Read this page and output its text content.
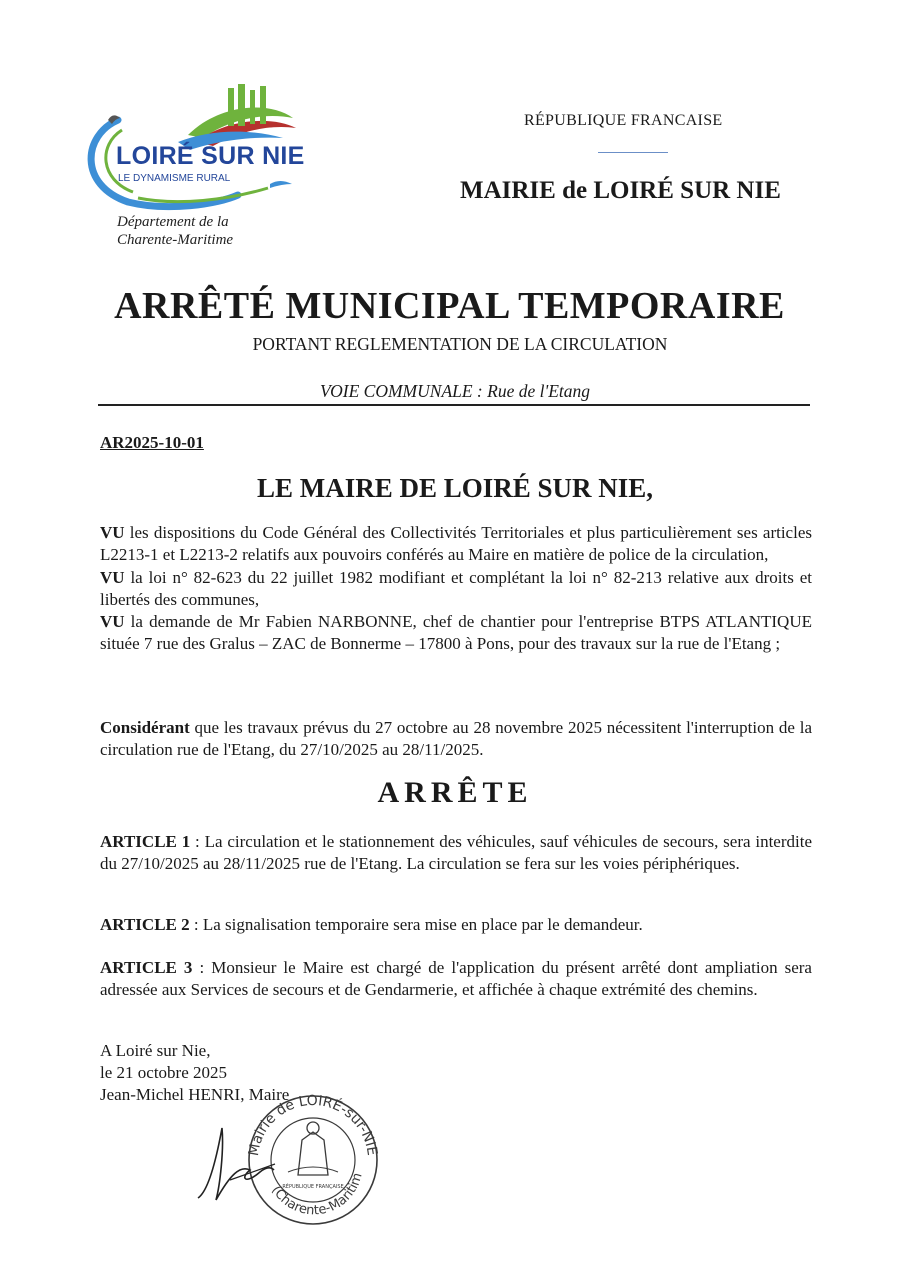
LOIRÉ SUR NIE
LE DYNAMISME RURAL
Département de la
Charente-Maritime
RÉPUBLIQUE FRANCAISE
MAIRIE de LOIRÉ SUR NIE
ARRÊTÉ MUNICIPAL TEMPORAIRE
PORTANT REGLEMENTATION DE LA CIRCULATION
VOIE COMMUNALE : Rue de l'Etang
AR2025-10-01
LE MAIRE DE LOIRÉ SUR NIE,

VU les dispositions du Code Général des Collectivités Territoriales et plus particulièrement ses articles L2213-1 et L2213-2 relatifs aux pouvoirs conférés au Maire en matière de police de la circulation,

VU la loi n° 82-623 du 22 juillet 1982 modifiant et complétant la loi n° 82-213 relative aux droits et libertés des communes,

VU la demande de Mr Fabien NARBONNE, chef de chantier pour l'entreprise BTPS ATLANTIQUE située 7 rue des Gralus – ZAC de Bonnerme – 17800 à Pons, pour des travaux sur la rue de l'Etang ;

Considérant que les travaux prévus du 27 octobre au 28 novembre 2025 nécessitent l'interruption de la circulation rue de l'Etang, du 27/10/2025 au 28/11/2025.

ARRÊTE

ARTICLE 1 : La circulation et le stationnement des véhicules, sauf véhicules de secours, sera interdite du 27/10/2025 au 28/11/2025 rue de l'Etang. La circulation se fera sur les voies périphériques.

ARTICLE 2 : La signalisation temporaire sera mise en place par le demandeur.

ARTICLE 3 : Monsieur le Maire est chargé de l'application du présent arrêté dont ampliation sera adressée aux Services de secours et de Gendarmerie, et affichée à chaque extrémité des chemins.

A Loiré sur Nie,
le 21 octobre 2025
Jean-Michel HENRI, Maire
Mairie de LOIRÉ-sur-NIE
(Charente-Maritim
RÉPUBLIQUE FRANÇAISE
